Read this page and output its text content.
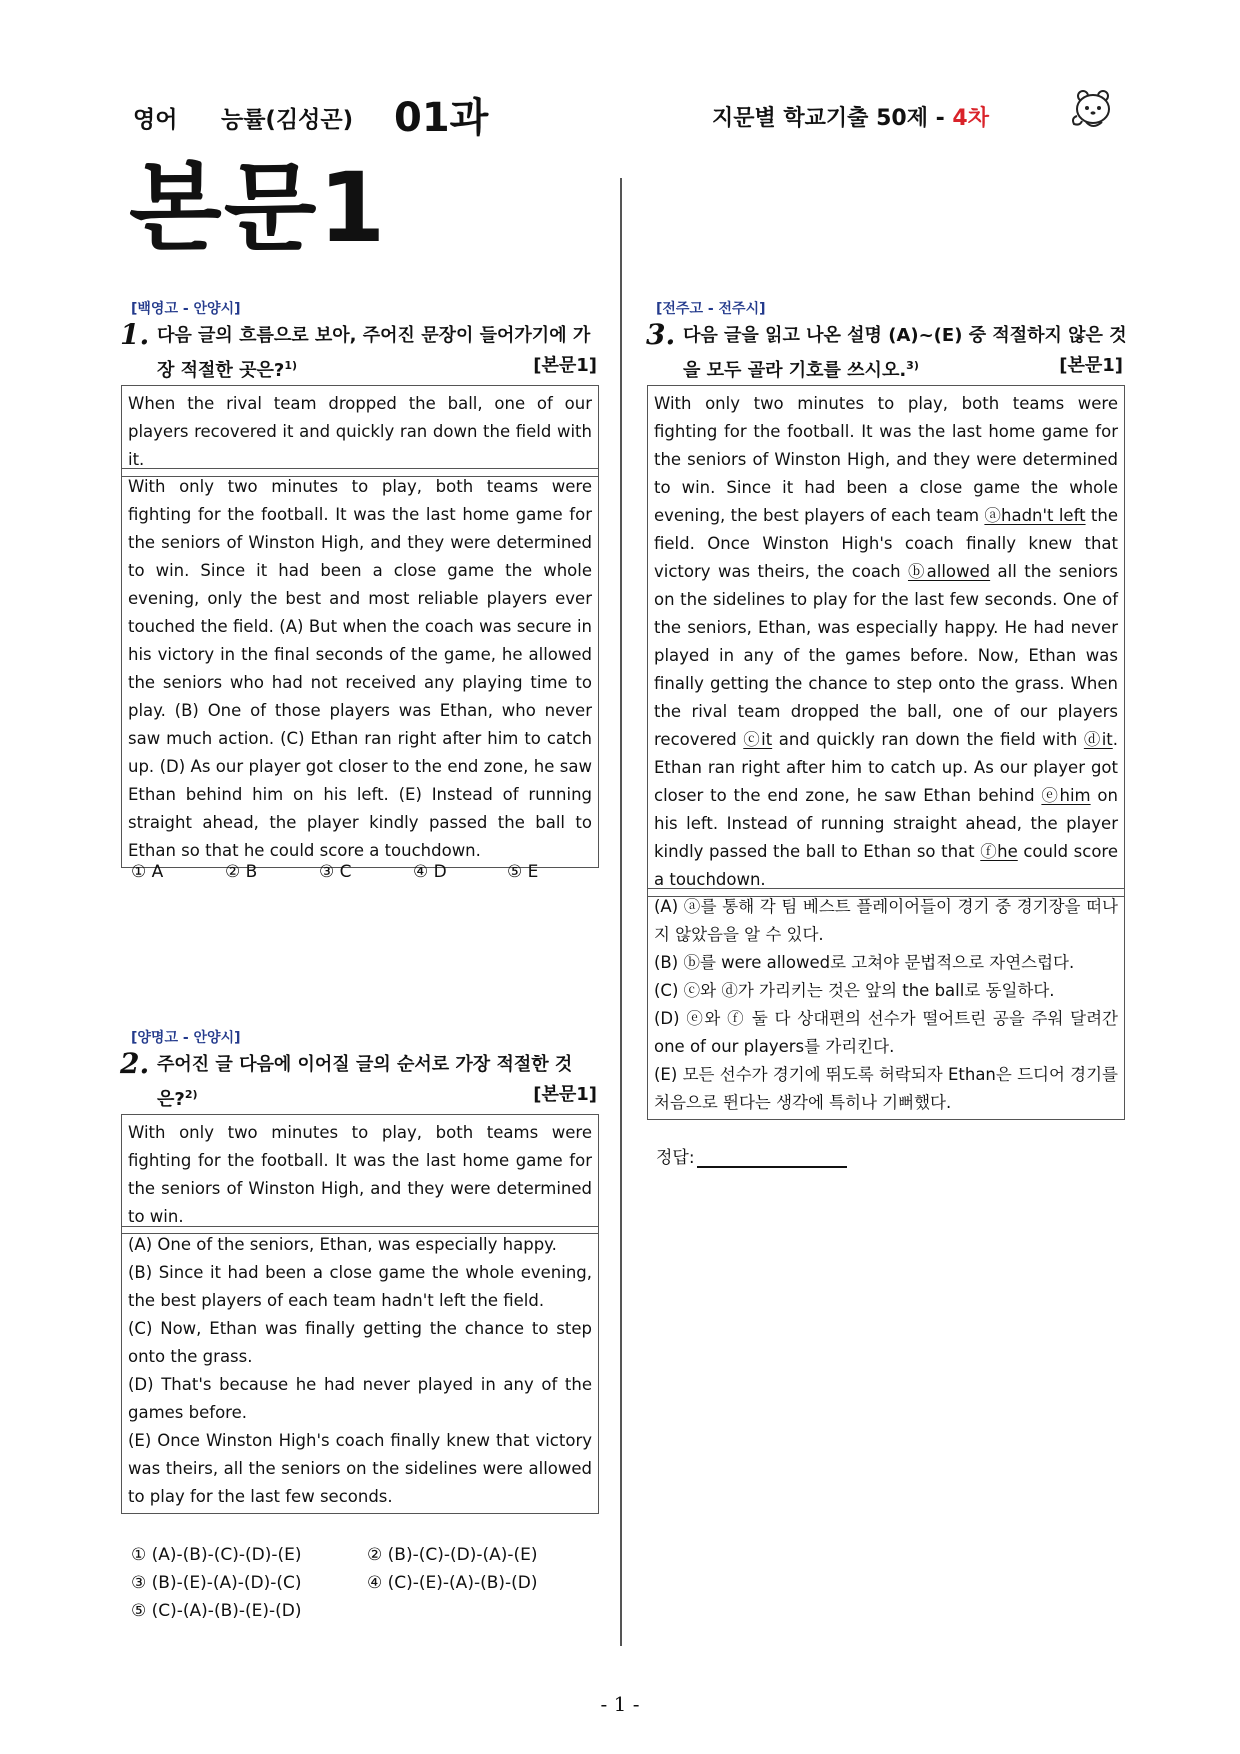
영어 능률(김성곤) 01과	지문별 학교기출 50제 - 4차
본문1
[백영고 - 안양시]
1. 다음 글의 흐름으로 보아, 주어진 문장이 들어가기에 가
장 적절한 곳은?$^{1)}$	[본문1]

When the rival team dropped the ball, one of our players recovered it and quickly ran down the field with it.

With only two minutes to play, both teams were fighting for the football. It was the last home game for the seniors of Winston High, and they were determined to win. Since it had been a close game the whole evening, only the best and most reliable players ever touched the field. (A) But when the coach was secure in his victory in the final seconds of the game, he allowed the seniors who had not received any playing time to play. (B) One of those players was Ethan, who never saw much action. (C) Ethan ran right after him to catch up. (D) As our player got closer to the end zone, he saw Ethan behind him on his left. (E) Instead of running straight ahead, the player kindly passed the ball to Ethan so that he could score a touchdown.

① A	② B	③ C	④ D	⑤ E
[양명고 - 안양시]
2. 주어진 글 다음에 이어질 글의 순서로 가장 적절한 것
은?$^{2)}$	[본문1]

With only two minutes to play, both teams were fighting for the football. It was the last home game for the seniors of Winston High, and they were determined to win.

(A) One of the seniors, Ethan, was especially happy.

(B) Since it had been a close game the whole evening, the best players of each team hadn't left the field.

(C) Now, Ethan was finally getting the chance to step onto the grass.

(D) That's because he had never played in any of the games before.

(E) Once Winston High's coach finally knew that victory was theirs, all the seniors on the sidelines were allowed to play for the last few seconds.

① (A)-(B)-(C)-(D)-(E)	② (B)-(C)-(D)-(A)-(E)
③ (B)-(E)-(A)-(D)-(C)	④ (C)-(E)-(A)-(B)-(D)
⑤ (C)-(A)-(B)-(E)-(D)
[전주고 - 전주시]
3. 다음 글을 읽고 나온 설명 (A)~(E) 중 적절하지 않은 것
을 모두 골라 기호를 쓰시오.$^{3)}$	[본문1]

With only two minutes to play, both teams were fighting for the football. It was the last home game for the seniors of Winston High, and they were determined to win. Since it had been a close game the whole evening, the best players of each team ⓐhadn't left the field. Once Winston High's coach finally knew that victory was theirs, the coach ⓑallowed all the seniors on the sidelines to play for the last few seconds. One of the seniors, Ethan, was especially happy. He had never played in any of the games before. Now, Ethan was finally getting the chance to step onto the grass. When the rival team dropped the ball, one of our players recovered ⓒit and quickly ran down the field with ⓓit. Ethan ran right after him to catch up. As our player got closer to the end zone, he saw Ethan behind ⓔhim on his left. Instead of running straight ahead, the player kindly passed the ball to Ethan so that ⓕhe could score a touchdown.

(A) ⓐ를 통해 각 팀 베스트 플레이어들이 경기 중 경기장을 떠나지 않았음을 알 수 있다.

(B) ⓑ를 were allowed로 고쳐야 문법적으로 자연스럽다.

(C) ⓒ와 ⓓ가 가리키는 것은 앞의 the ball로 동일하다.

(D) ⓔ와 ⓕ 둘 다 상대편의 선수가 떨어트린 공을 주워 달려간 one of our players를 가리킨다.

(E) 모든 선수가 경기에 뛰도록 허락되자 Ethan은 드디어 경기를 처음으로 뛴다는 생각에 특히나 기뻐했다.

정답:
- 1 -
